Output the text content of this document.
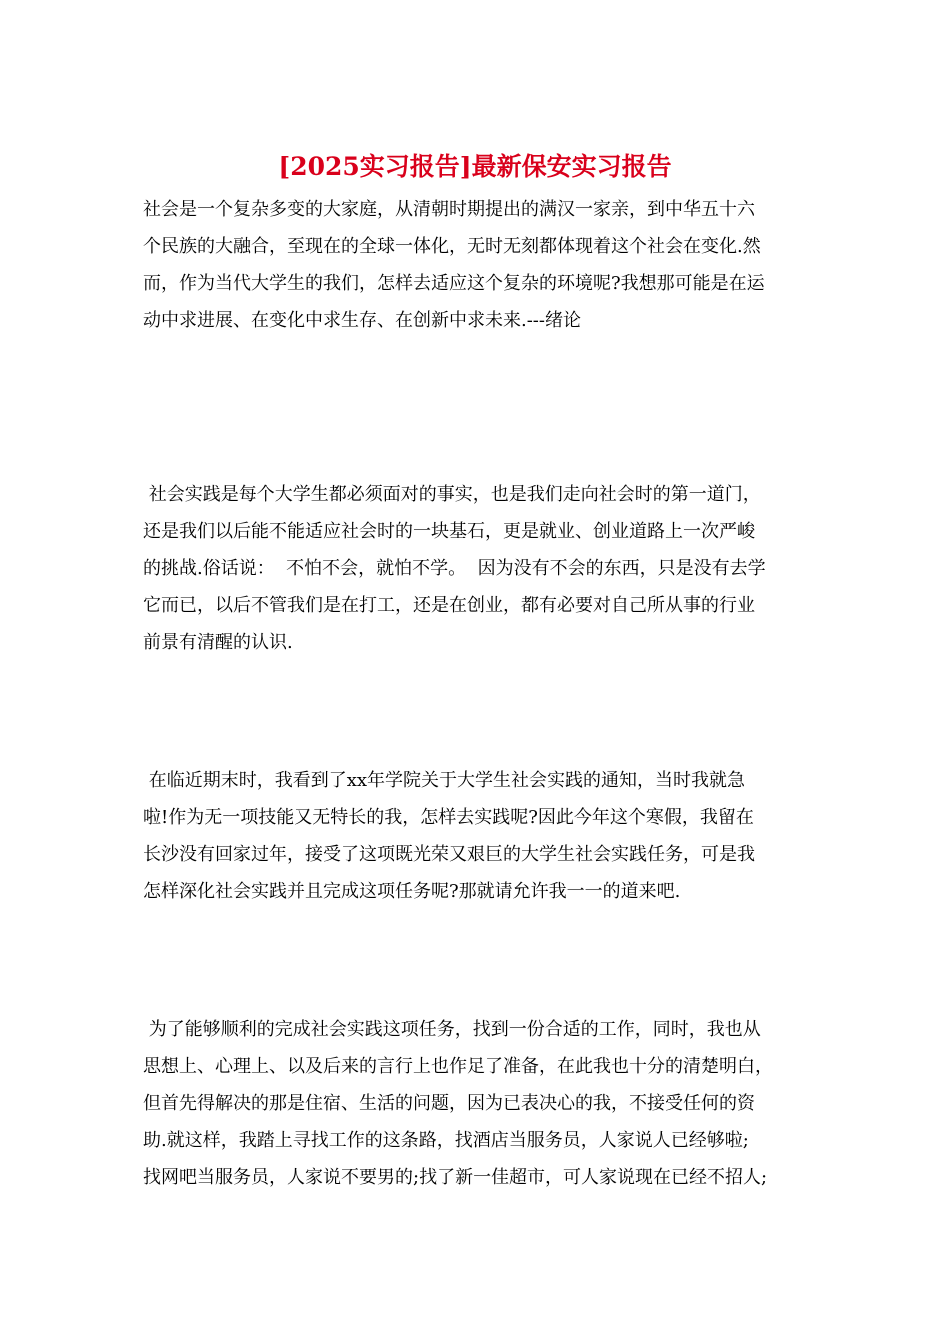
[2025实习报告]最新保安实习报告

社会是一个复杂多变的大家庭，从清朝时期提出的满汉一家亲，到中华五十六

个民族的大融合，至现在的全球一体化，无时无刻都体现着这个社会在变化.然

而，作为当代大学生的我们，怎样去适应这个复杂的环境呢?我想那可能是在运

动中求进展、在变化中求生存、在创新中求未来.---绪论

社会实践是每个大学生都必须面对的事实，也是我们走向社会时的第一道门，

还是我们以后能不能适应社会时的一块基石，更是就业、创业道路上一次严峻

的挑战.俗话说：  不怕不会，就怕不学。  因为没有不会的东西，只是没有去学

它而已，以后不管我们是在打工，还是在创业，都有必要对自己所从事的行业

前景有清醒的认识.

在临近期末时，我看到了xx年学院关于大学生社会实践的通知，当时我就急

啦!作为无一项技能又无特长的我，怎样去实践呢?因此今年这个寒假，我留在

长沙没有回家过年，接受了这项既光荣又艰巨的大学生社会实践任务，可是我

怎样深化社会实践并且完成这项任务呢?那就请允许我一一的道来吧.

为了能够顺利的完成社会实践这项任务，找到一份合适的工作，同时，我也从

思想上、心理上、以及后来的言行上也作足了准备，在此我也十分的清楚明白，

但首先得解决的那是住宿、生活的问题，因为已表决心的我，不接受任何的资

助.就这样，我踏上寻找工作的这条路，找酒店当服务员，人家说人已经够啦;

找网吧当服务员，人家说不要男的;找了新一佳超市，可人家说现在已经不招人;
